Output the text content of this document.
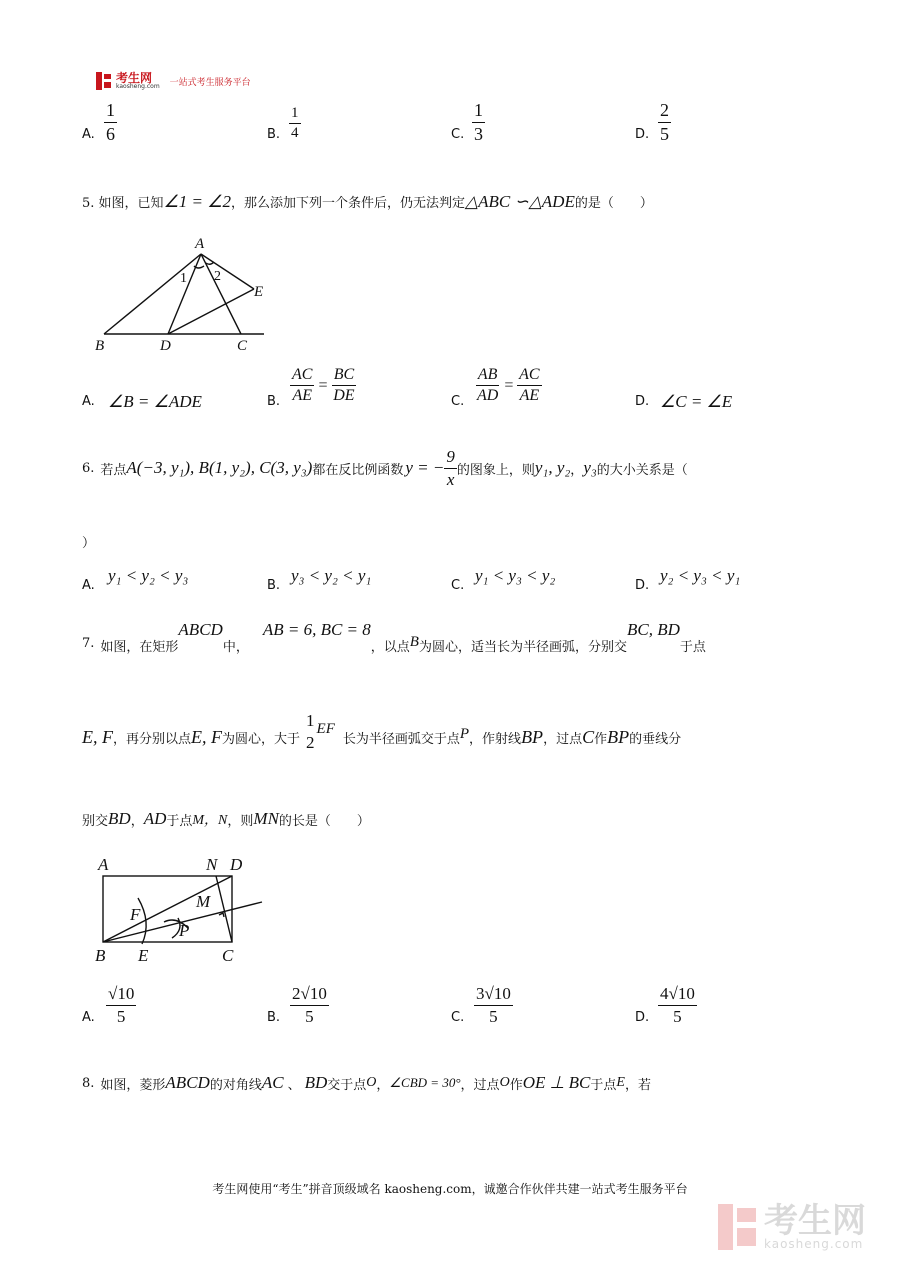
考生网
kaosheng.com 一站式考生服务平台
A. $\frac{1}{6}$	B. $\frac{1}{4}$	C. $\frac{1}{3}$	D. $\frac{2}{5}$
5. 如图，已知∠1 = ∠2，那么添加下列一个条件后，仍无法判定△ABC ∽△ADE的是（　　）
A
B	D	C
E
1 2
A. ∠B = ∠ADE	B. $\frac{AC}{AE} = \frac{BC}{DE}$	C. $\frac{AB}{AD} = \frac{AC}{AE}$	D. ∠C = ∠E
6. 若点 A(−3, y₁), B(1, y₂), C(3, y₃) 都在反比例函数 y = − $\frac{9}{x}$ 的图象上，则 y₁, y₂ ， y₃ 的大小关系是（
）
A.
y₁ < y₂ < y₃
B.
y₃ < y₂ < y₁
C.
y₁ < y₃ < y₂
D.
y₂ < y₃ < y₁
7. 如图，在矩形
ABCD
中，
AB = 6, BC = 8
，以点 B 为圆心，适当长为半径画弧，分别交
BC, BD
于点
E, F ，再分别以点 E, F 为圆心，大于
1
2
EF
长为半径画弧交于点 P ，作射线 BP ，过点 C 作 BP 的垂线分
别交 BD ， AD 于点 M，N ，则 MN 的长是（　　）
A	N D
F
M
P
B E	C
A. $\frac{√10}{5}$	B. $\frac{2√10}{5}$	C. $\frac{3√10}{5}$	D. $\frac{4√10}{5}$
8. 如图，菱形 ABCD 的对角线 AC 、 BD 交于点 O ， ∠CBD = 30° ，过点 O 作 OE ⊥ BC 于点 E ，若
考生网使用“考生”拼音顶级域名 kaosheng.com，诚邀合作伙伴共建一站式考生服务平台
考生网
kaosheng.com
